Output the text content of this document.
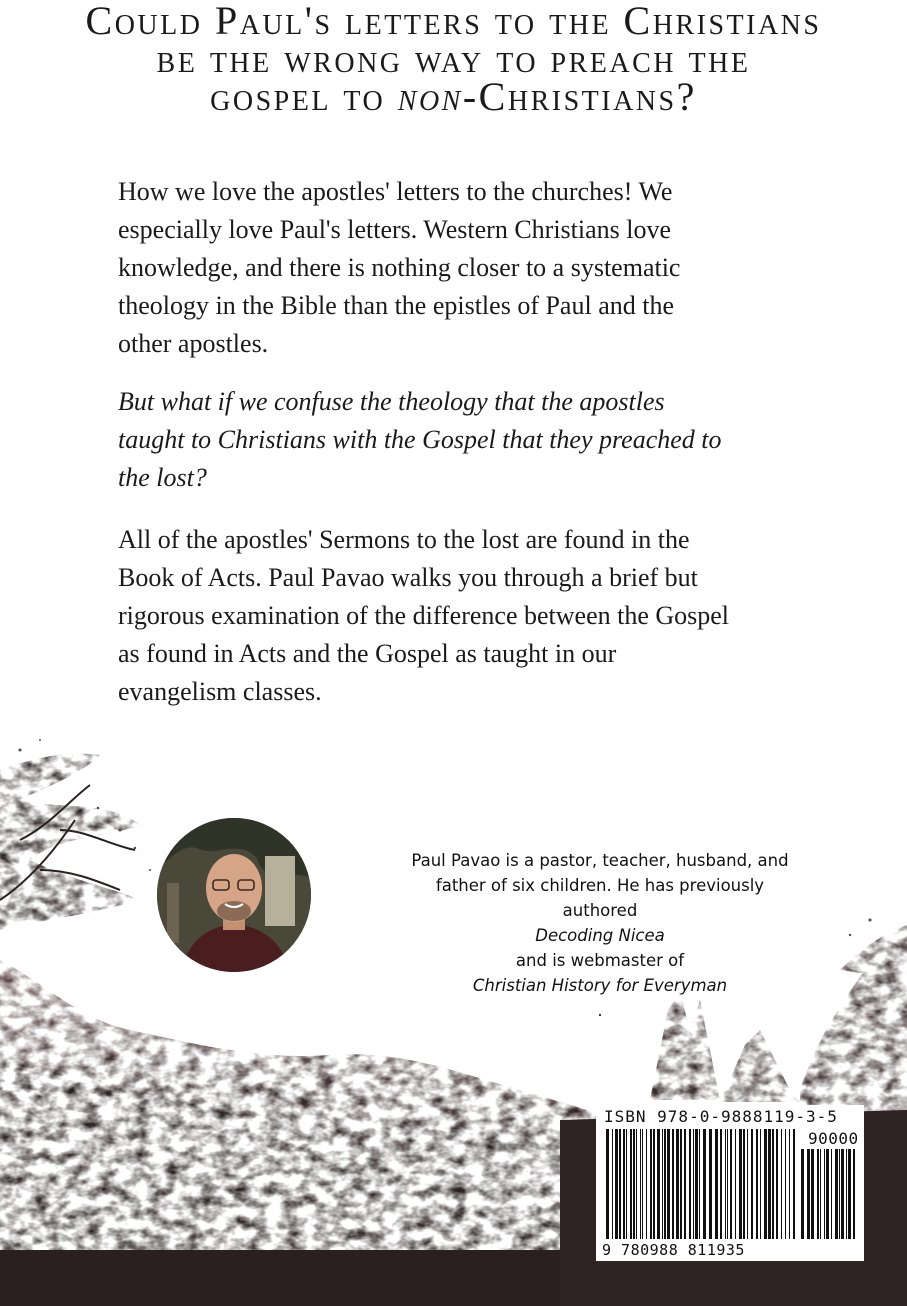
Could Paul's letters to the Christians
be the wrong way to preach the
gospel to non-Christians?
How we love the apostles' letters to the churches! We
especially love Paul's letters. Western Christians love
knowledge, and there is nothing closer to a systematic
theology in the Bible than the epistles of Paul and the
other apostles.
But what if we confuse the theology that the apostles
taught to Christians with the Gospel that they preached to
the lost?
All of the apostles' Sermons to the lost are found in the
Book of Acts. Paul Pavao walks you through a brief but
rigorous examination of the difference between the Gospel
as found in Acts and the Gospel as taught in our
evangelism classes.

Paul Pavao is a pastor, teacher, husband, and
father of six children. He has previously
authored
Decoding Nicea
and is webmaster of
Christian History for Everyman
.

ISBN 978-0-9888119-3-5
90000
9 780988 811935
